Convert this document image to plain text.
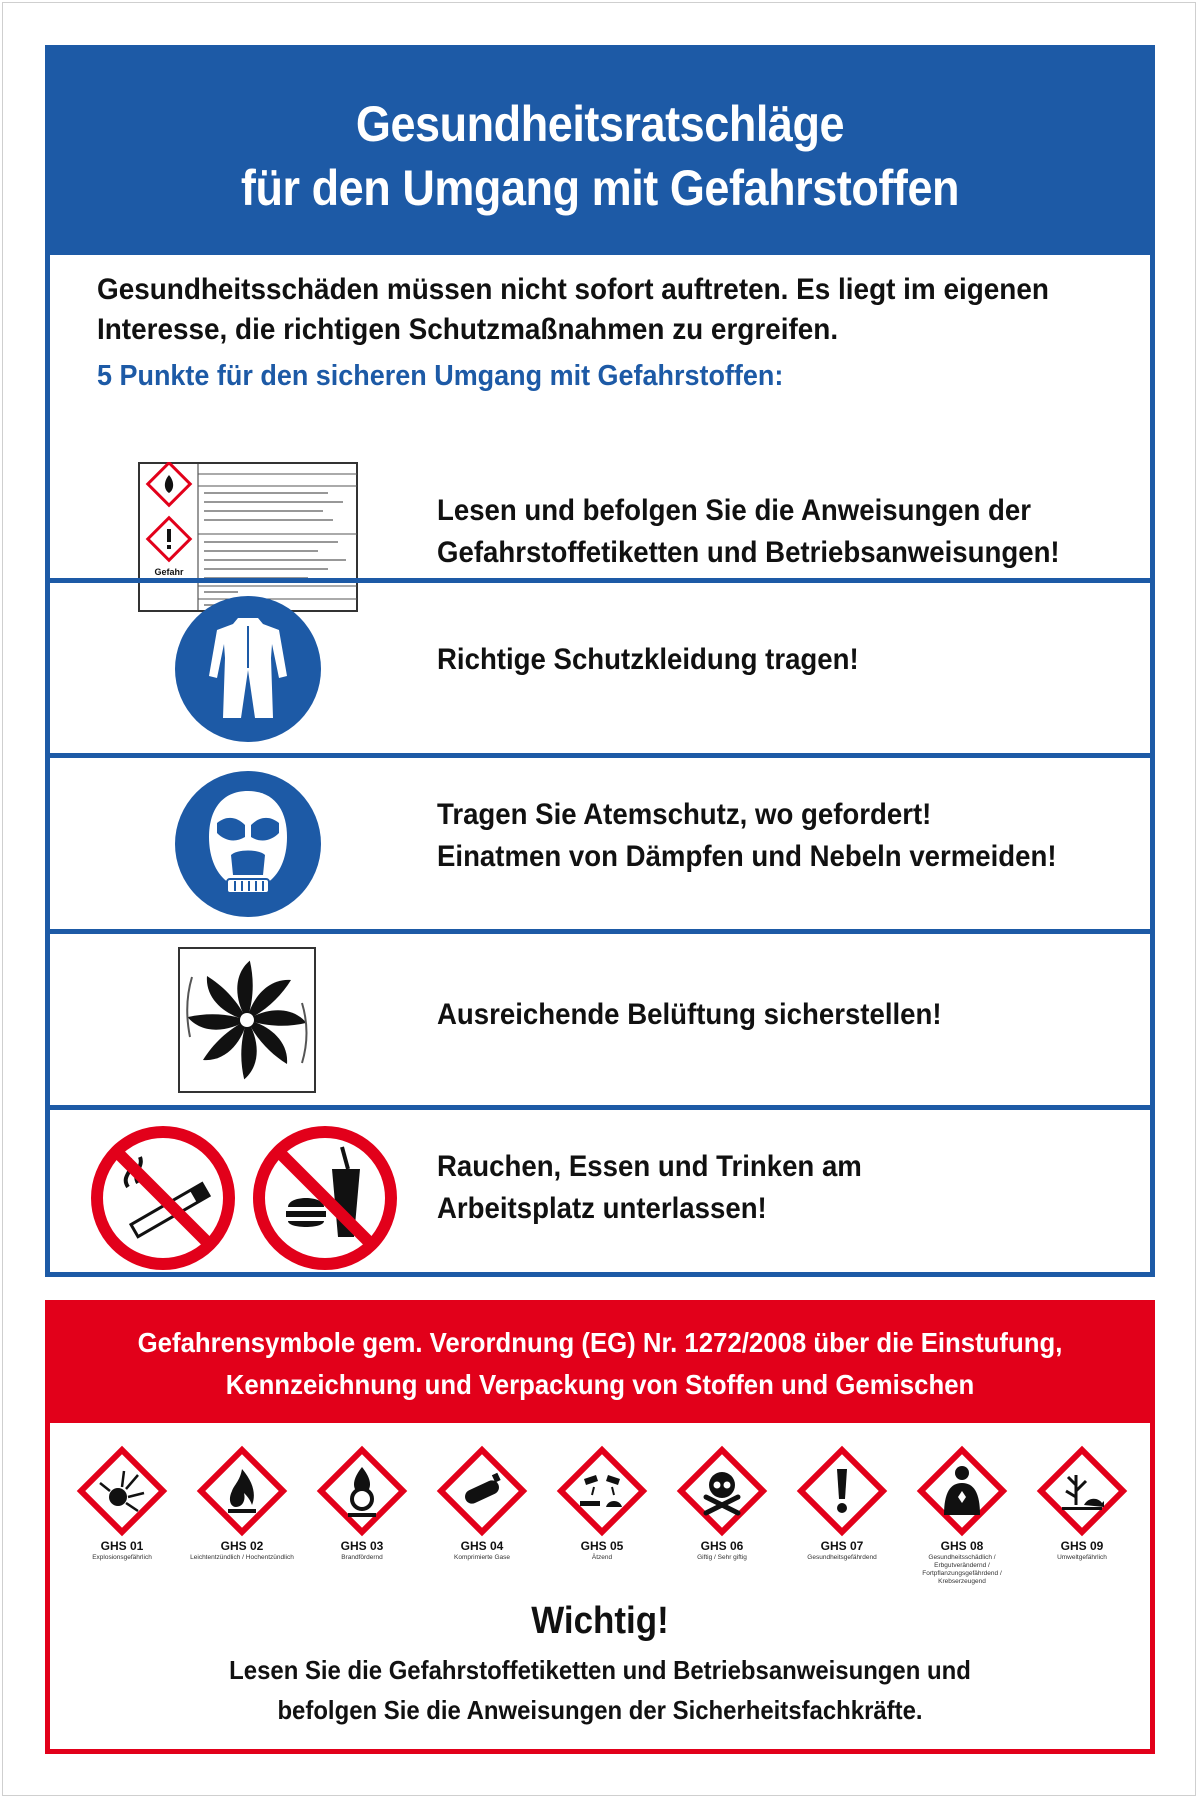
Gesundheitsratschläge
für den Umgang mit Gefahrstoffen
Gesundheitsschäden müssen nicht sofort auftreten. Es liegt im eigenen
Interesse, die richtigen Schutzmaßnahmen zu ergreifen.
5 Punkte für den sicheren Umgang mit Gefahrstoffen:
Gefahr
Lesen und befolgen Sie die Anweisungen der
Gefahrstoffetiketten und Betriebsanweisungen!
Richtige Schutzkleidung tragen!
Tragen Sie Atemschutz, wo gefordert!
Einatmen von Dämpfen und Nebeln vermeiden!
Ausreichende Belüftung sicherstellen!
Rauchen, Essen und Trinken am
Arbeitsplatz unterlassen!
Gefahrensymbole gem. Verordnung (EG) Nr. 1272/2008 über die Einstufung,
Kennzeichnung und Verpackung von Stoffen und Gemischen
GHS 01
Explosionsgefährlich
GHS 02
Leichtentzündlich / Hochentzündlich
GHS 03
Brandfördernd
GHS 04
Komprimierte Gase
GHS 05
Ätzend
GHS 06
Giftig / Sehr giftig
GHS 07
Gesundheitsgefährdend
GHS 08
Gesundheitsschädlich / Erbgutverändernd / Fortpflanzungsgefährdend / Krebserzeugend
GHS 09
Umweltgefährlich
Wichtig!
Lesen Sie die Gefahrstoffetiketten und Betriebsanweisungen und
befolgen Sie die Anweisungen der Sicherheitsfachkräfte.
